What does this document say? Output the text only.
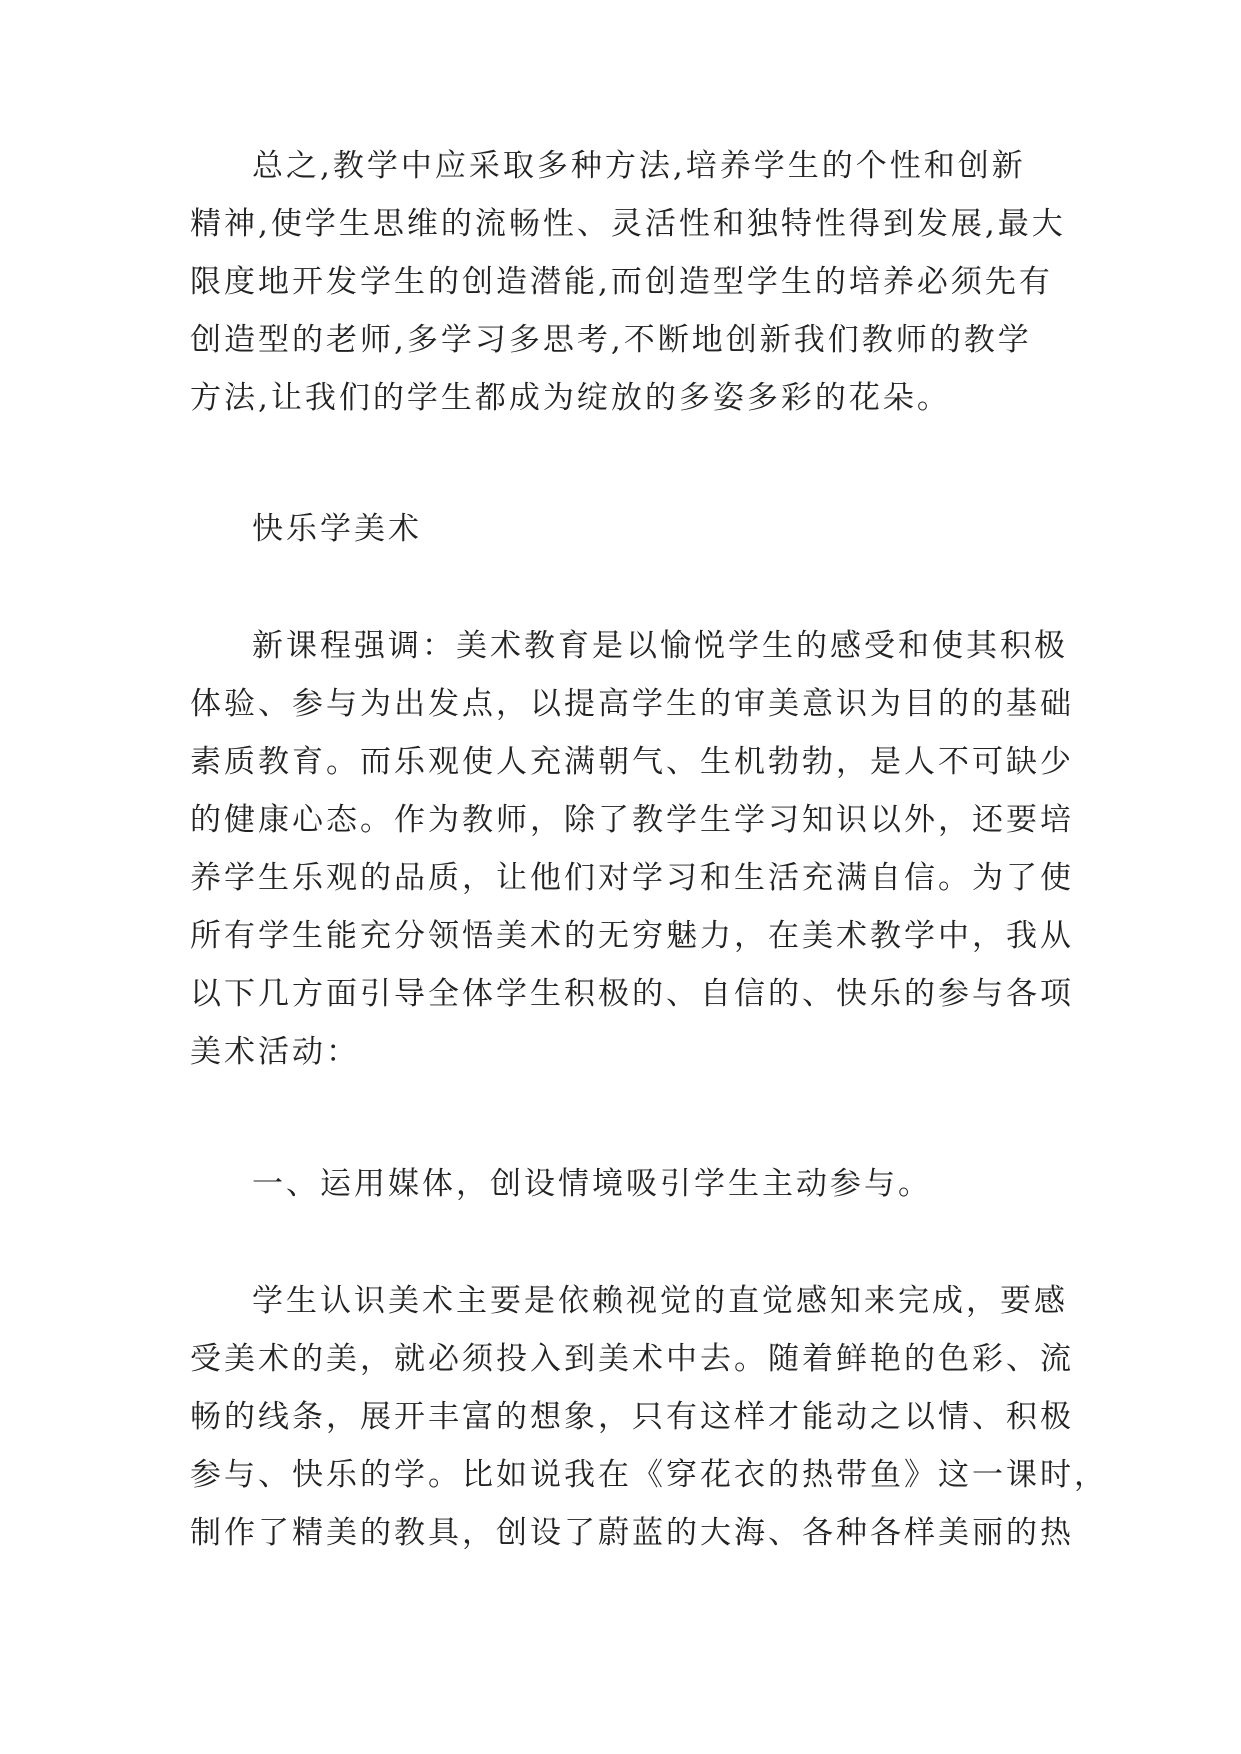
总之,教学中应采取多种方法,培养学生的个性和创新
精神,使学生思维的流畅性、灵活性和独特性得到发展,最大
限度地开发学生的创造潜能,而创造型学生的培养必须先有
创造型的老师,多学习多思考,不断地创新我们教师的教学
方法,让我们的学生都成为绽放的多姿多彩的花朵。
快乐学美术
新课程强调：美术教育是以愉悦学生的感受和使其积极
体验、参与为出发点，以提高学生的审美意识为目的的基础
素质教育。而乐观使人充满朝气、生机勃勃，是人不可缺少
的健康心态。作为教师，除了教学生学习知识以外，还要培
养学生乐观的品质，让他们对学习和生活充满自信。为了使
所有学生能充分领悟美术的无穷魅力，在美术教学中，我从
以下几方面引导全体学生积极的、自信的、快乐的参与各项
美术活动：
一、运用媒体，创设情境吸引学生主动参与。
学生认识美术主要是依赖视觉的直觉感知来完成，要感
受美术的美，就必须投入到美术中去。随着鲜艳的色彩、流
畅的线条，展开丰富的想象，只有这样才能动之以情、积极
参与、快乐的学。比如说我在《穿花衣的热带鱼》这一课时，
制作了精美的教具，创设了蔚蓝的大海、各种各样美丽的热
